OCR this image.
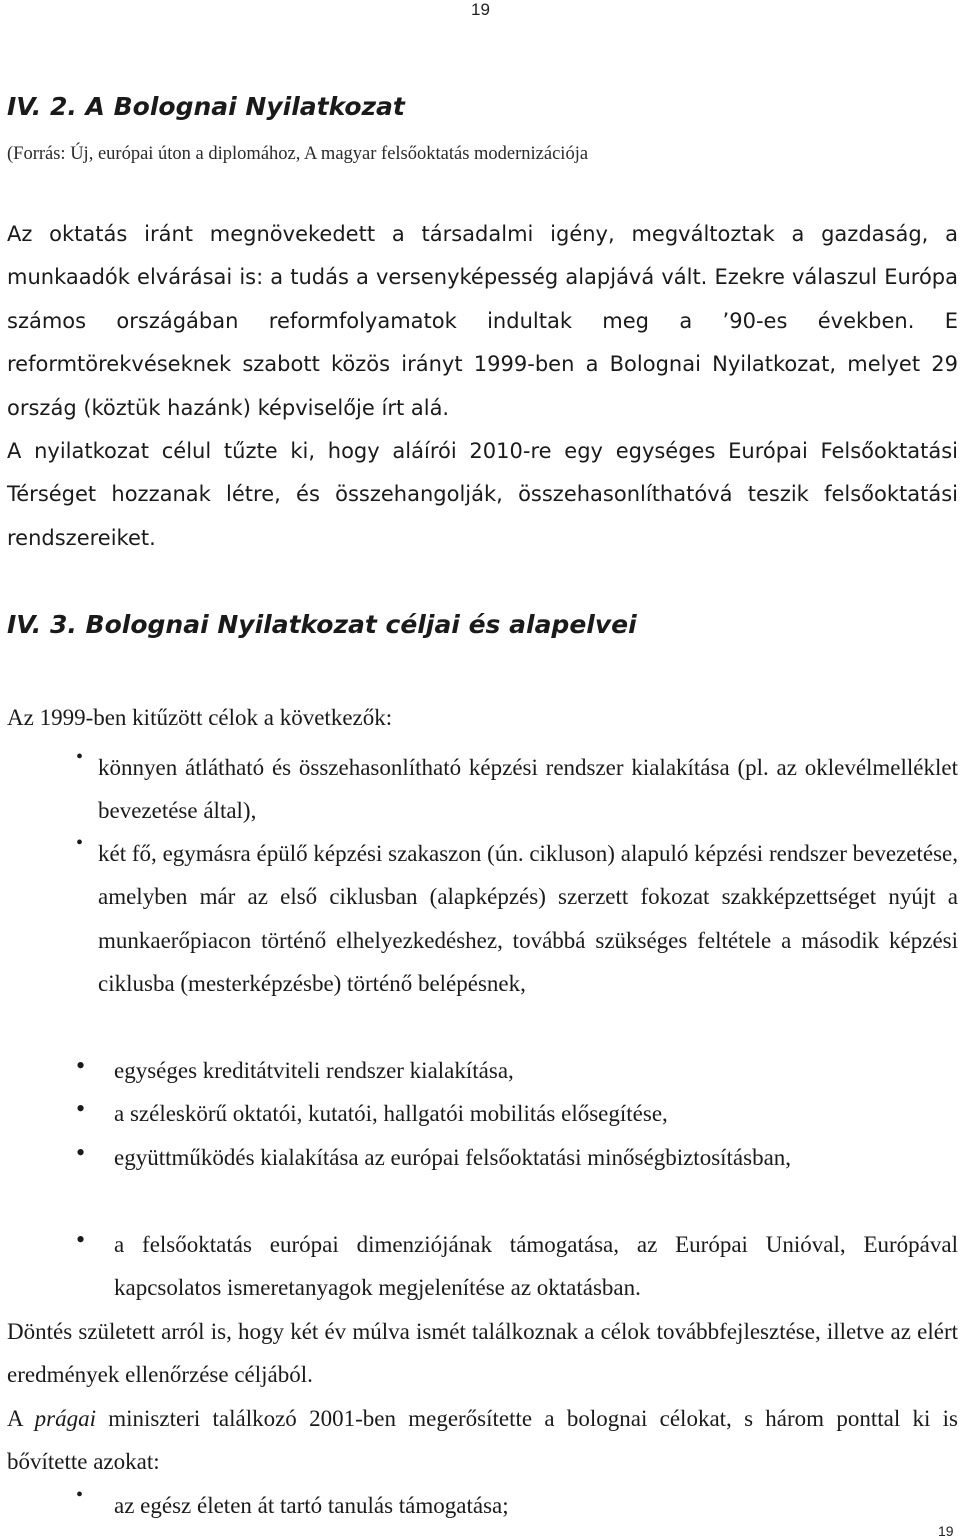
19
IV. 2. A Bolognai Nyilatkozat
(Forrás: Új, európai úton a diplomához, A magyar felsőoktatás modernizációja

Az oktatás iránt megnövekedett a társadalmi igény, megváltoztak a gazdaság, a munkaadók elvárásai is: a tudás a versenyképesség alapjává vált. Ezekre válaszul Európa számos országában reformfolyamatok indultak meg a ’90-es években. E reformtörekvéseknek szabott közös irányt 1999-ben a Bolognai Nyilatkozat, melyet 29 ország (köztük hazánk) képviselője írt alá.

A nyilatkozat célul tűzte ki, hogy aláírói 2010-re egy egységes Európai Felsőoktatási Térséget hozzanak létre, és összehangolják, összehasonlíthatóvá teszik felsőoktatási rendszereiket.

IV. 3. Bolognai Nyilatkozat céljai és alapelvei
Az 1999-ben kitűzött célok a következők:
• könnyen átlátható és összehasonlítható képzési rendszer kialakítása (pl. az oklevélmelléklet bevezetése által),

• két fő, egymásra épülő képzési szakaszon (ún. cikluson) alapuló képzési rendszer bevezetése, amelyben már az első ciklusban (alapképzés) szerzett fokozat szakképzettséget nyújt a munkaerőpiacon történő elhelyezkedéshez, továbbá szükséges feltétele a második képzési ciklusba (mesterképzésbe) történő belépésnek,

• egységes kreditátviteli rendszer kialakítása,

• a széleskörű oktatói, kutatói, hallgatói mobilitás elősegítése,

• együttműködés kialakítása az európai felsőoktatási minőségbiztosításban,

• a felsőoktatás európai dimenziójának támogatása, az Európai Unióval, Európával kapcsolatos ismeretanyagok megjelenítése az oktatásban.

Döntés született arról is, hogy két év múlva ismét találkoznak a célok továbbfejlesztése, illetve az elért eredmények ellenőrzése céljából.

A prágai miniszteri találkozó 2001-ben megerősítette a bolognai célokat, s három ponttal ki is bővítette azokat:

• az egész életen át tartó tanulás támogatása;

19
